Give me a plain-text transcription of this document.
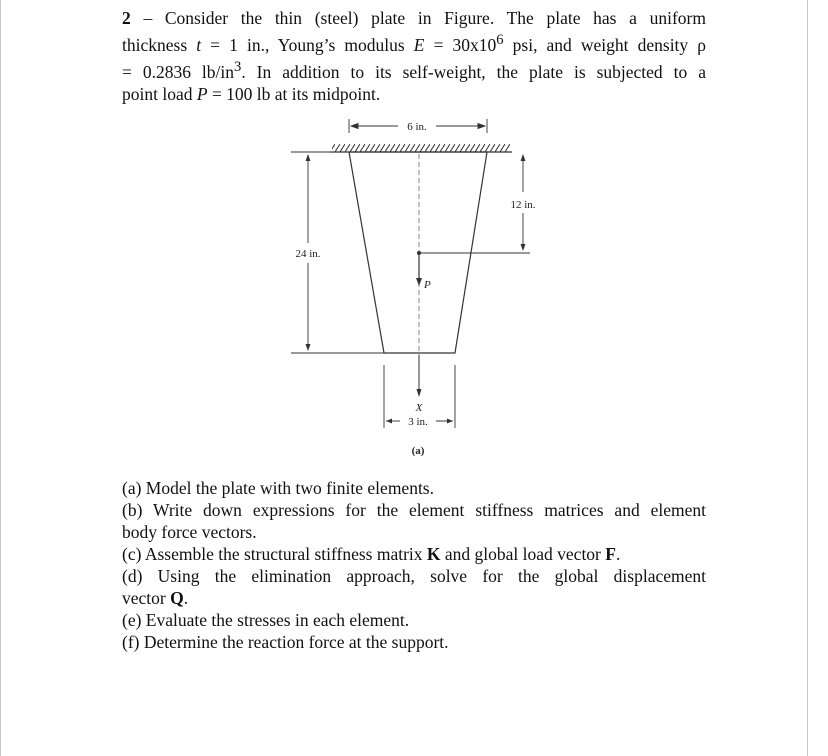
2 – Consider the thin (steel) plate in Figure. The plate has a uniform
thickness t = 1 in., Young’s modulus $E = 30x10^6$ psi, and weight density ρ
= 0.2836 $lb/in^3$. In addition to its self-weight, the plate is subjected to a
point load P = 100 lb at its midpoint.
6 in.
24 in.
12 in.
P
X
3 in.
(a)
(a) Model the plate with two finite elements.
(b) Write down expressions for the element stiffness matrices and element
body force vectors.
(c) Assemble the structural stiffness matrix K and global load vector F.
(d) Using the elimination approach, solve for the global displacement
vector Q.
(e) Evaluate the stresses in each element.
(f) Determine the reaction force at the support.
